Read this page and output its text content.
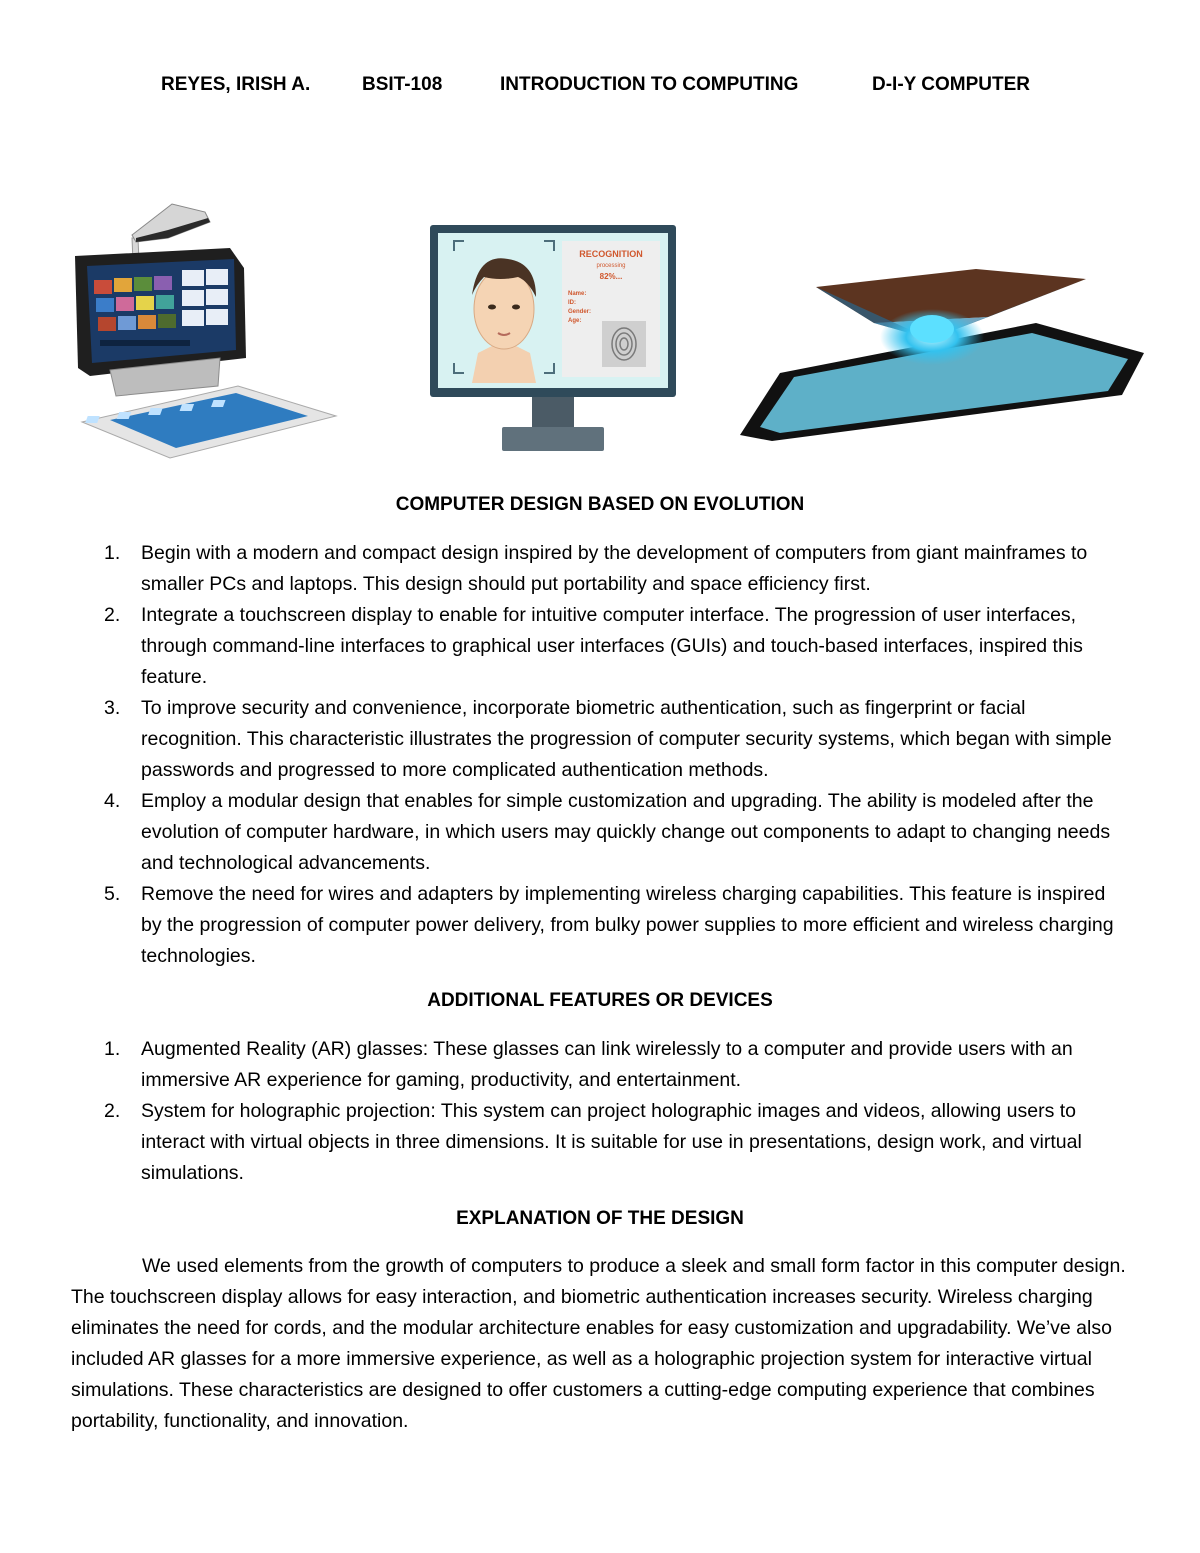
REYES, IRISH A.	BSIT-108	INTRODUCTION TO COMPUTING	D-I-Y COMPUTER
RECOGNITION
processing
82%...
Name:
ID:
Gender:
Age:
COMPUTER DESIGN BASED ON EVOLUTION
1. Begin with a modern and compact design inspired by the development of computers from giant mainframes to smaller PCs and laptops. This design should put portability and space efficiency first.
2. Integrate a touchscreen display to enable for intuitive computer interface. The progression of user interfaces, through command-line interfaces to graphical user interfaces (GUIs) and touch-based interfaces, inspired this feature.
3. To improve security and convenience, incorporate biometric authentication, such as fingerprint or facial recognition. This characteristic illustrates the progression of computer security systems, which began with simple passwords and progressed to more complicated authentication methods.
4. Employ a modular design that enables for simple customization and upgrading. The ability is modeled after the evolution of computer hardware, in which users may quickly change out components to adapt to changing needs and technological advancements.
5. Remove the need for wires and adapters by implementing wireless charging capabilities. This feature is inspired by the progression of computer power delivery, from bulky power supplies to more efficient and wireless charging technologies.
ADDITIONAL FEATURES OR DEVICES
1. Augmented Reality (AR) glasses: These glasses can link wirelessly to a computer and provide users with an immersive AR experience for gaming, productivity, and entertainment.
2. System for holographic projection: This system can project holographic images and videos, allowing users to interact with virtual objects in three dimensions. It is suitable for use in presentations, design work, and virtual simulations.
EXPLANATION OF THE DESIGN

We used elements from the growth of computers to produce a sleek and small form factor in this computer design. The touchscreen display allows for easy interaction, and biometric authentication increases security. Wireless charging eliminates the need for cords, and the modular architecture enables for easy customization and upgradability. We’ve also included AR glasses for a more immersive experience, as well as a holographic projection system for interactive virtual simulations. These characteristics are designed to offer customers a cutting-edge computing experience that combines portability, functionality, and innovation.
